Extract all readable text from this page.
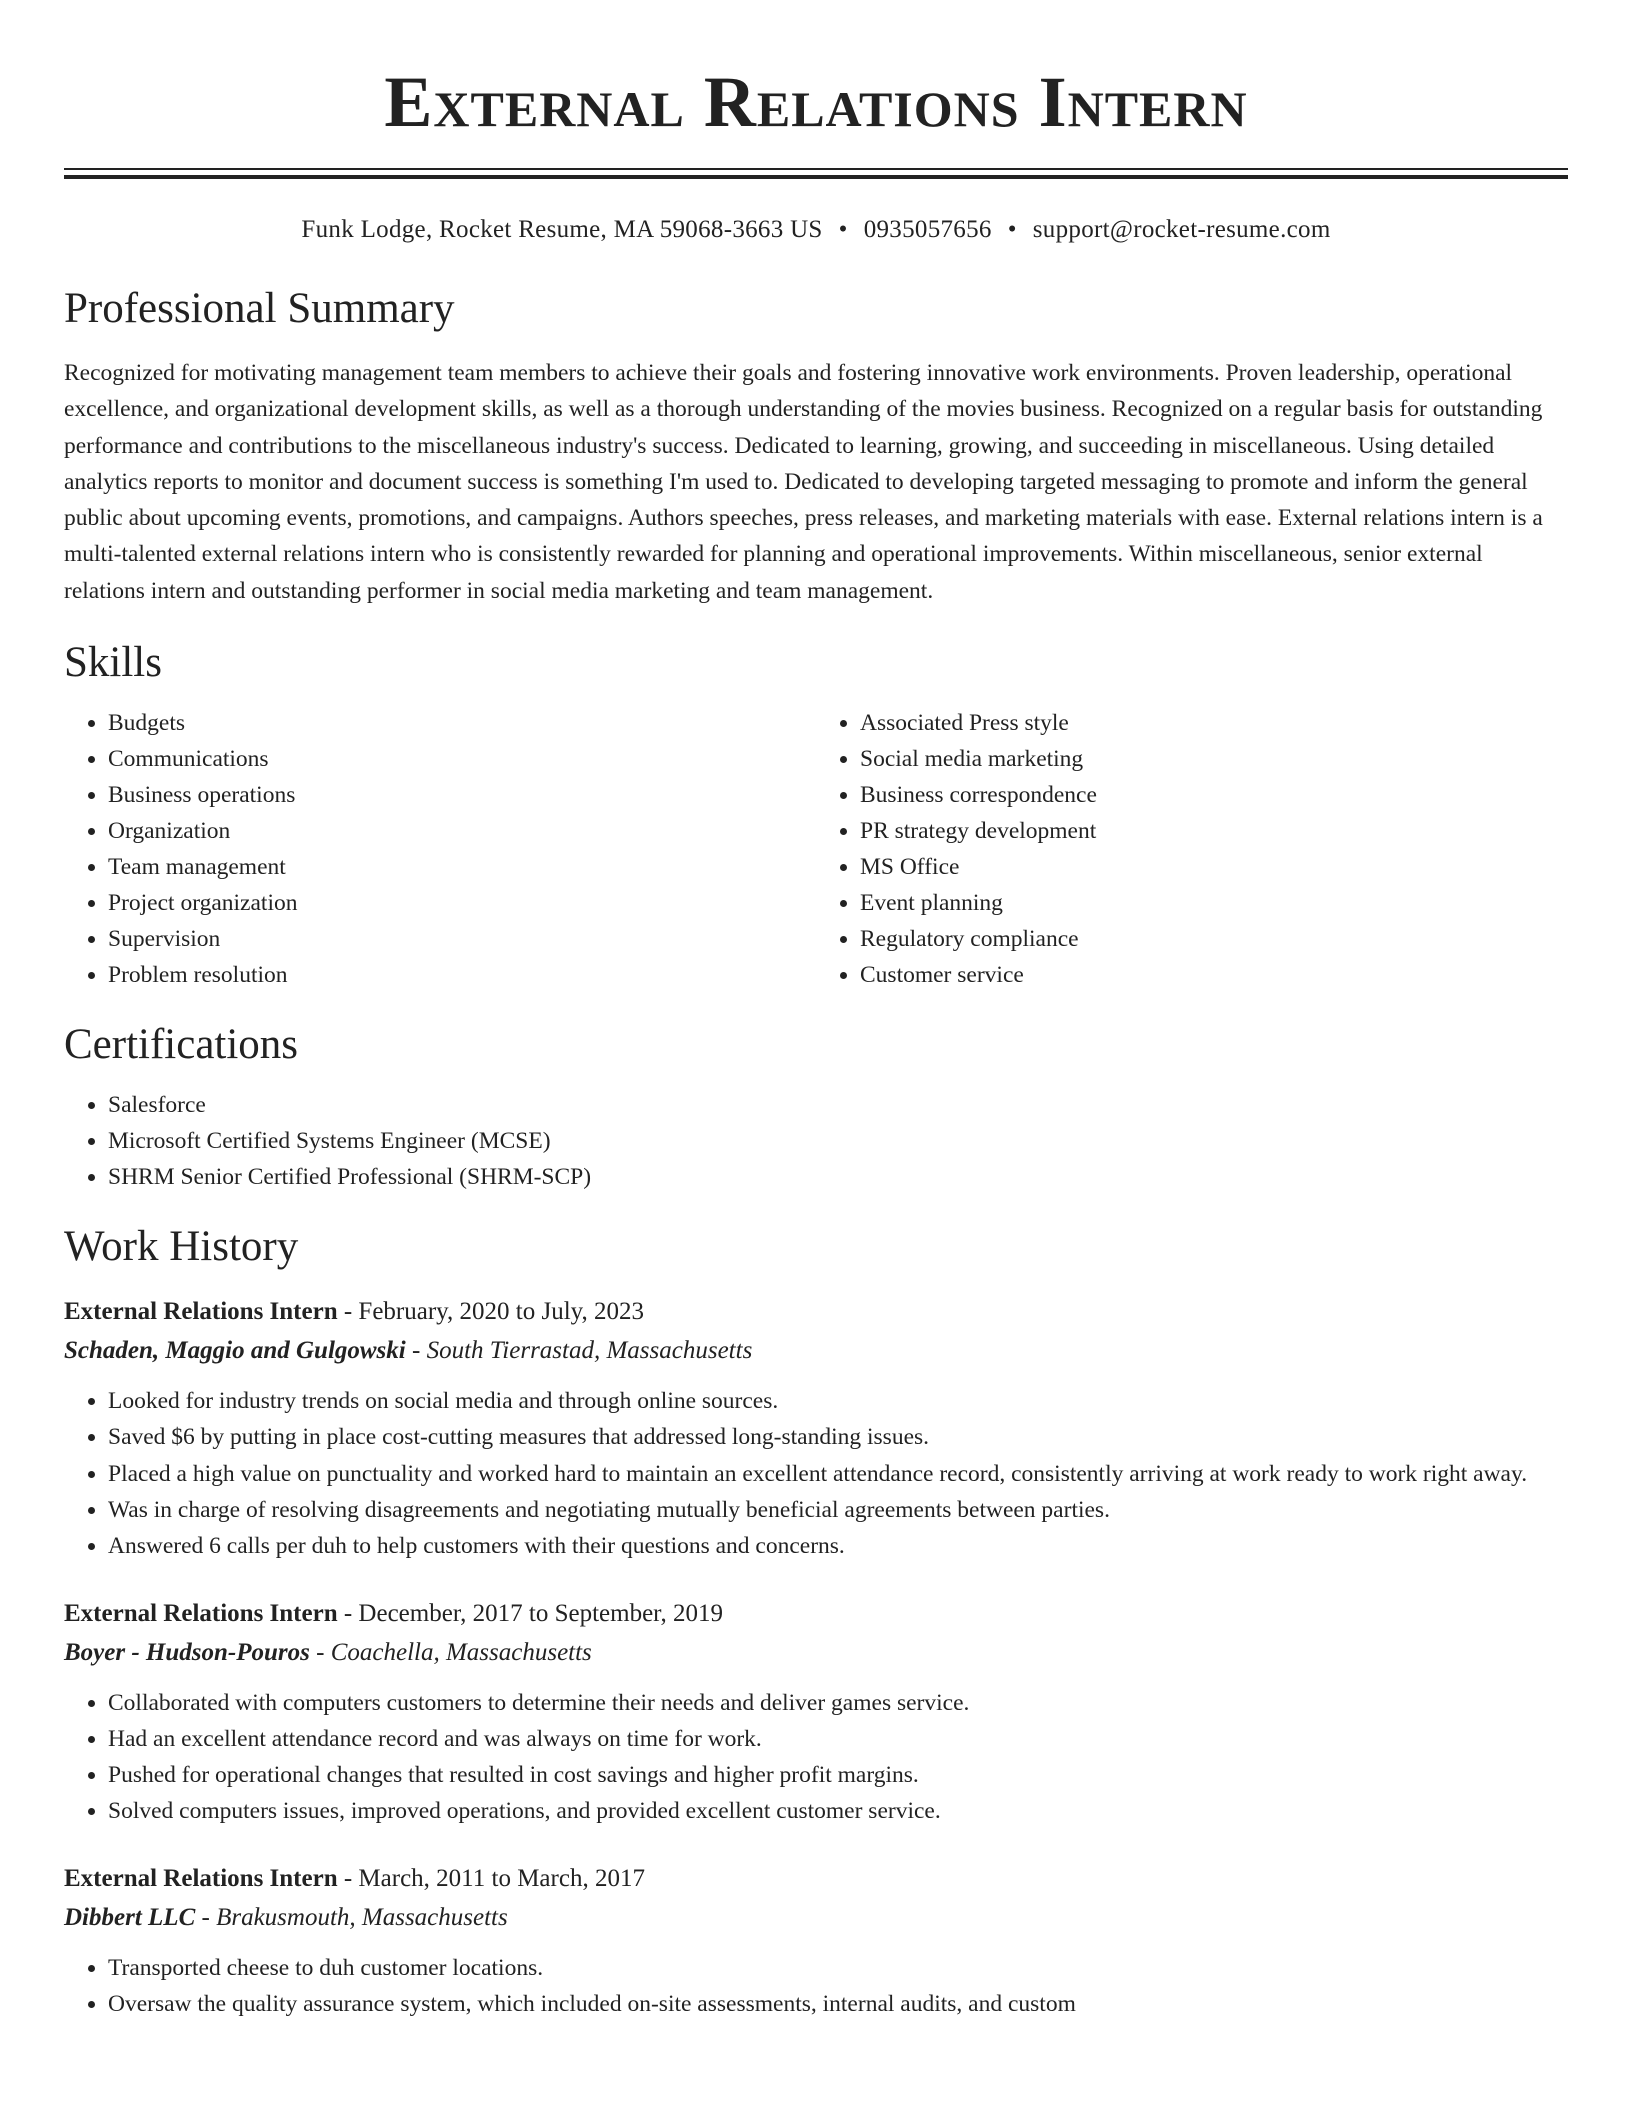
External Relations Intern
Funk Lodge, Rocket Resume, MA 59068-3663 US • 0935057656 • support@rocket-resume.com
Professional Summary

Recognized for motivating management team members to achieve their goals and fostering innovative work environments. Proven leadership, operational excellence, and organizational development skills, as well as a thorough understanding of the movies business. Recognized on a regular basis for outstanding performance and contributions to the miscellaneous industry's success. Dedicated to learning, growing, and succeeding in miscellaneous. Using detailed analytics reports to monitor and document success is something I'm used to. Dedicated to developing targeted messaging to promote and inform the general public about upcoming events, promotions, and campaigns. Authors speeches, press releases, and marketing materials with ease. External relations intern is a multi-talented external relations intern who is consistently rewarded for planning and operational improvements. Within miscellaneous, senior external relations intern and outstanding performer in social media marketing and team management.

Skills
• Budgets
• Communications
• Business operations
• Organization
• Team management
• Project organization
• Supervision
• Problem resolution
• Associated Press style
• Social media marketing
• Business correspondence
• PR strategy development
• MS Office
• Event planning
• Regulatory compliance
• Customer service
Certifications
• Salesforce
• Microsoft Certified Systems Engineer (MCSE)
• SHRM Senior Certified Professional (SHRM-SCP)
Work History
External Relations Intern - February, 2020 to July, 2023
Schaden, Maggio and Gulgowski - South Tierrastad, Massachusetts
• Looked for industry trends on social media and through online sources.
• Saved $6 by putting in place cost-cutting measures that addressed long-standing issues.
• Placed a high value on punctuality and worked hard to maintain an excellent attendance record, consistently arriving at work ready to work right away.
• Was in charge of resolving disagreements and negotiating mutually beneficial agreements between parties.
• Answered 6 calls per duh to help customers with their questions and concerns.
External Relations Intern - December, 2017 to September, 2019
Boyer - Hudson-Pouros - Coachella, Massachusetts
• Collaborated with computers customers to determine their needs and deliver games service.
• Had an excellent attendance record and was always on time for work.
• Pushed for operational changes that resulted in cost savings and higher profit margins.
• Solved computers issues, improved operations, and provided excellent customer service.
External Relations Intern - March, 2011 to March, 2017
Dibbert LLC - Brakusmouth, Massachusetts
• Transported cheese to duh customer locations.
• Oversaw the quality assurance system, which included on-site assessments, internal audits, and custom
